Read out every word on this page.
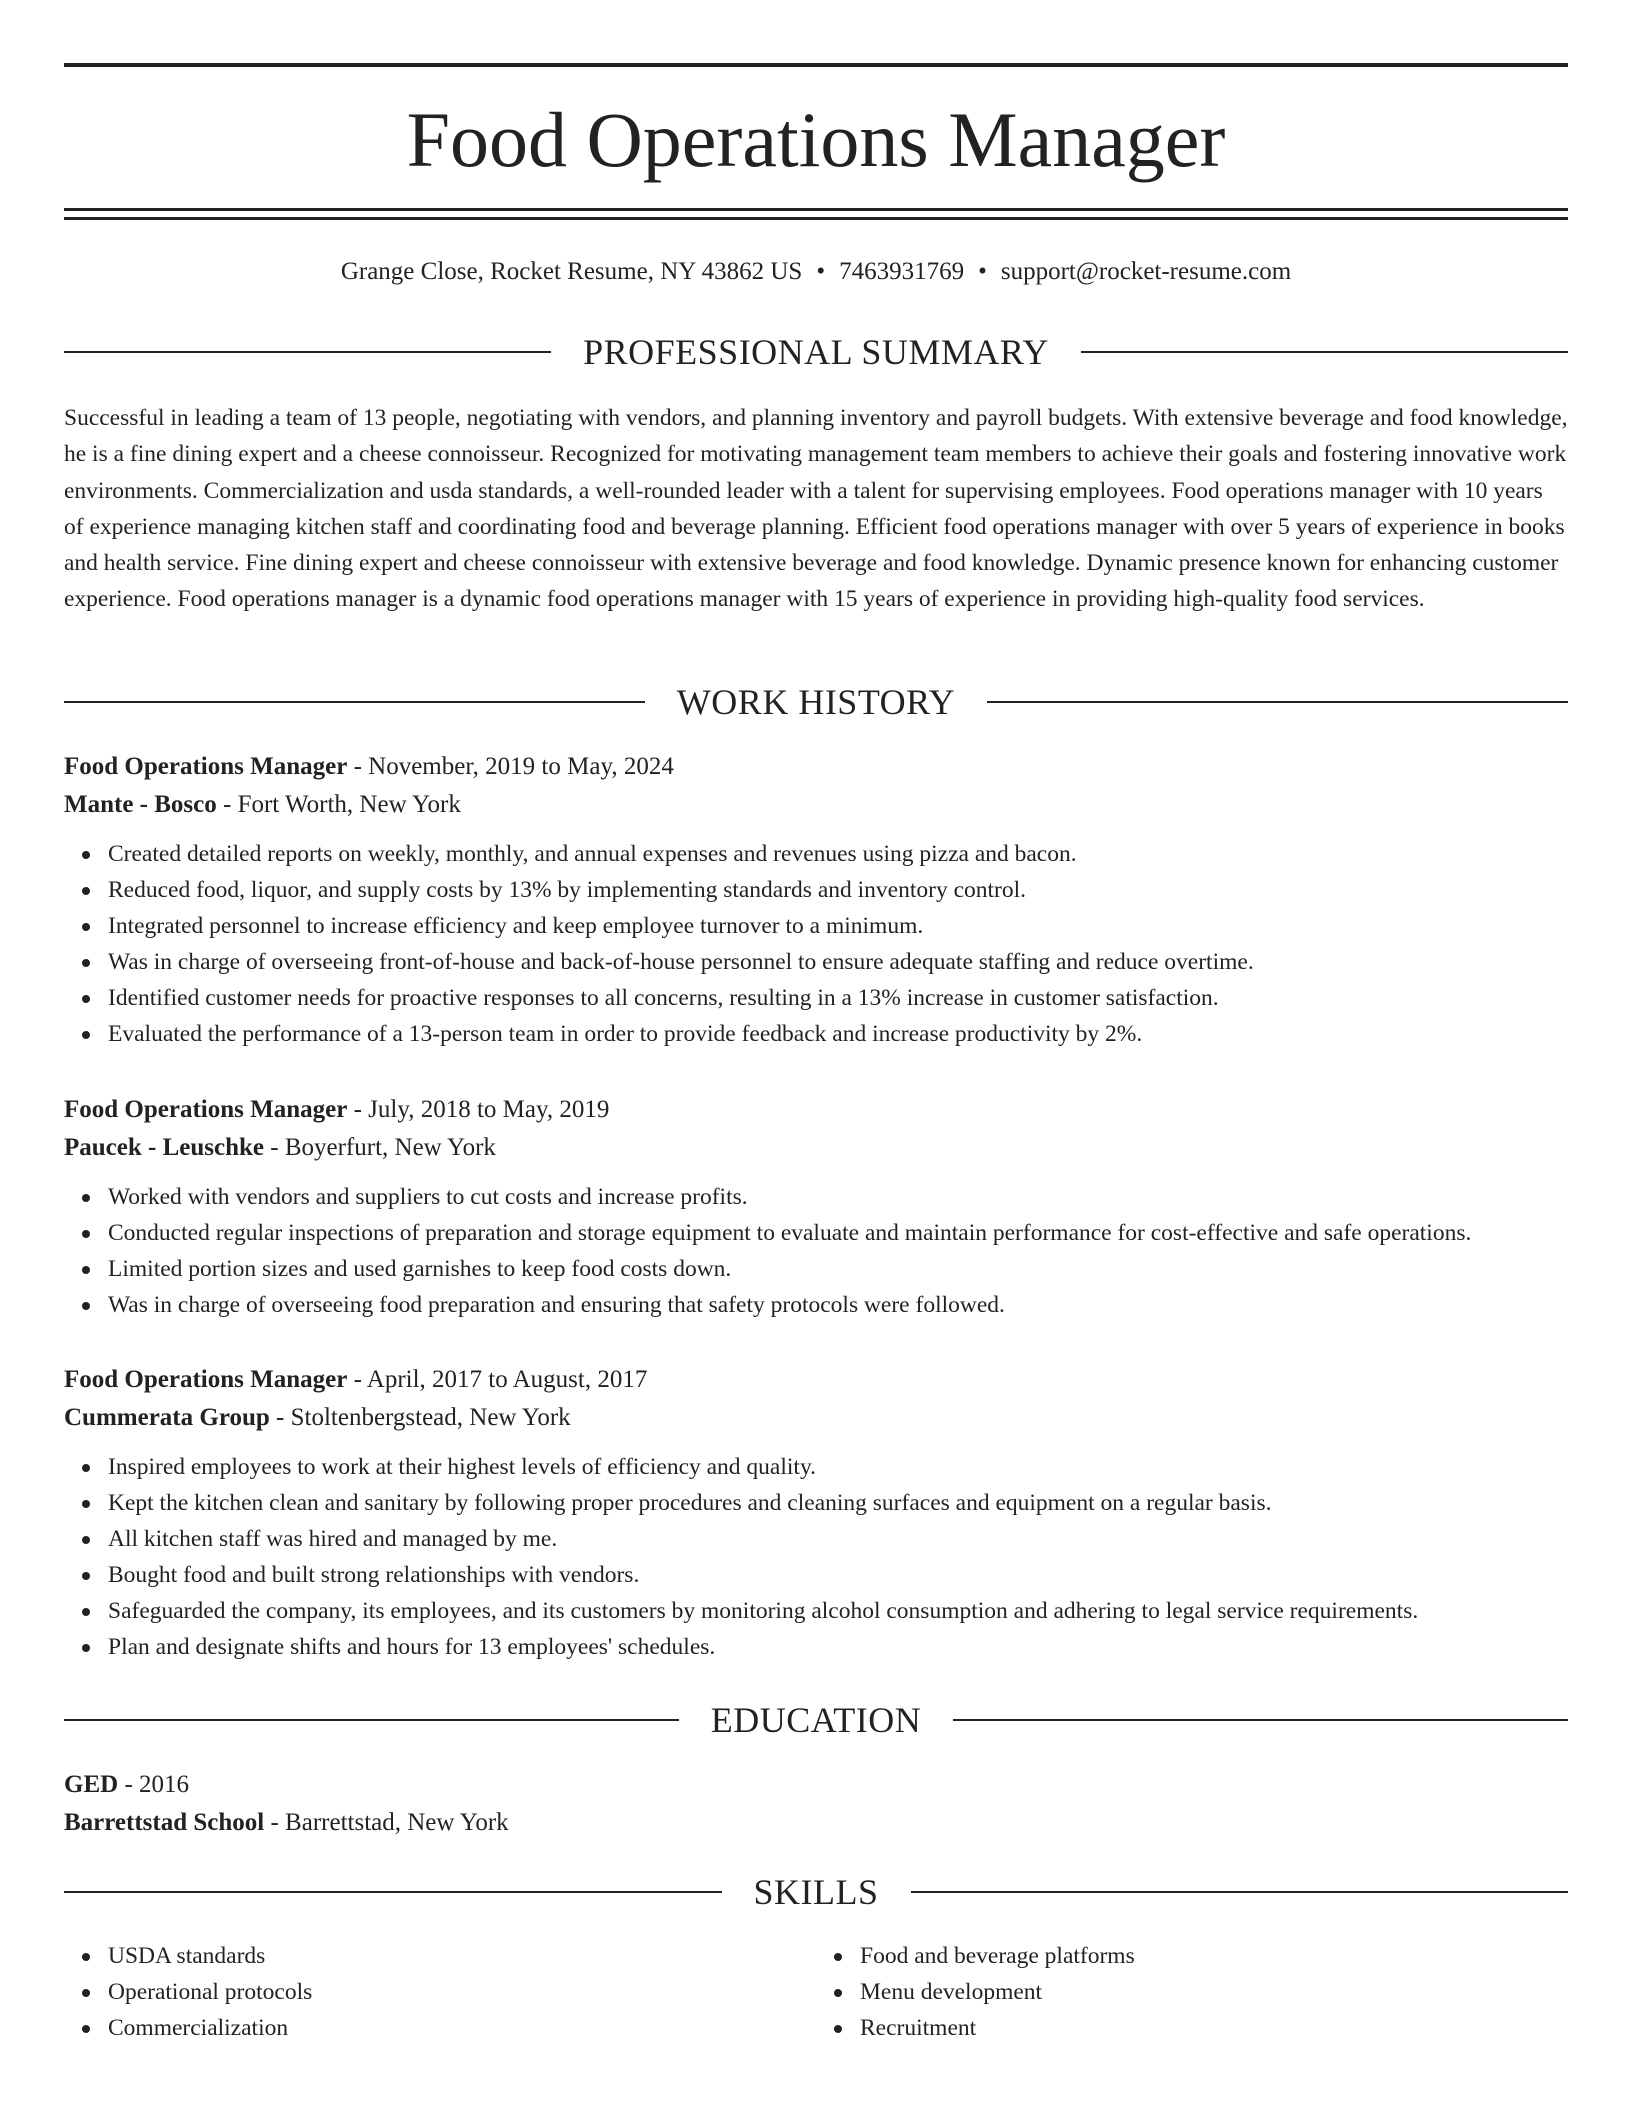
Food Operations Manager
Grange Close, Rocket Resume, NY 43862 US • 7463931769 • support@rocket-resume.com
PROFESSIONAL SUMMARY

Successful in leading a team of 13 people, negotiating with vendors, and planning inventory and payroll budgets. With extensive beverage and food knowledge, he is a fine dining expert and a cheese connoisseur. Recognized for motivating management team members to achieve their goals and fostering innovative work environments. Commercialization and usda standards, a well-rounded leader with a talent for supervising employees. Food operations manager with 10 years of experience managing kitchen staff and coordinating food and beverage planning. Efficient food operations manager with over 5 years of experience in books and health service. Fine dining expert and cheese connoisseur with extensive beverage and food knowledge. Dynamic presence known for enhancing customer experience. Food operations manager is a dynamic food operations manager with 15 years of experience in providing high-quality food services.

WORK HISTORY
Food Operations Manager - November, 2019 to May, 2024
Mante - Bosco - Fort Worth, New York
Created detailed reports on weekly, monthly, and annual expenses and revenues using pizza and bacon.
Reduced food, liquor, and supply costs by 13% by implementing standards and inventory control.
Integrated personnel to increase efficiency and keep employee turnover to a minimum.
Was in charge of overseeing front-of-house and back-of-house personnel to ensure adequate staffing and reduce overtime.
Identified customer needs for proactive responses to all concerns, resulting in a 13% increase in customer satisfaction.
Evaluated the performance of a 13-person team in order to provide feedback and increase productivity by 2%.
Food Operations Manager - July, 2018 to May, 2019
Paucek - Leuschke - Boyerfurt, New York
Worked with vendors and suppliers to cut costs and increase profits.
Conducted regular inspections of preparation and storage equipment to evaluate and maintain performance for cost-effective and safe operations.
Limited portion sizes and used garnishes to keep food costs down.
Was in charge of overseeing food preparation and ensuring that safety protocols were followed.
Food Operations Manager - April, 2017 to August, 2017
Cummerata Group - Stoltenbergstead, New York
Inspired employees to work at their highest levels of efficiency and quality.
Kept the kitchen clean and sanitary by following proper procedures and cleaning surfaces and equipment on a regular basis.
All kitchen staff was hired and managed by me.
Bought food and built strong relationships with vendors.
Safeguarded the company, its employees, and its customers by monitoring alcohol consumption and adhering to legal service requirements.
Plan and designate shifts and hours for 13 employees' schedules.
EDUCATION
GED - 2016
Barrettstad School - Barrettstad, New York
SKILLS
USDA standards
Operational protocols
Commercialization
Food and beverage platforms
Menu development
Recruitment
